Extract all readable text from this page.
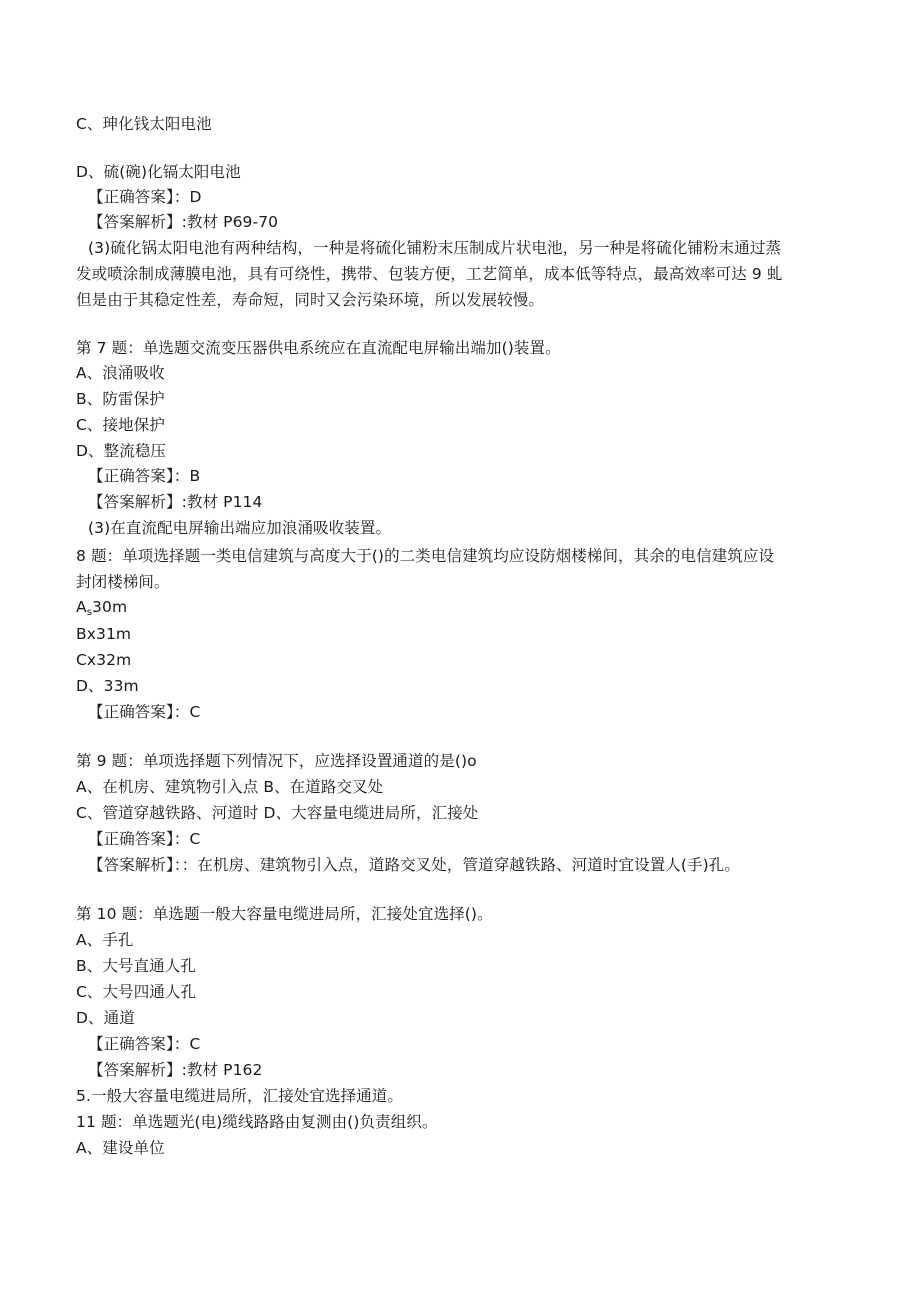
C、珅化钱太阳电池
D、硫(碗)化镉太阳电池
【正确答案】：D
【答案解析】:教材 P69-70
(3)硫化锅太阳电池有两种结构，一种是将硫化铺粉末压制成片状电池，另一种是将硫化铺粉末通过蒸
发或喷涂制成薄膜电池，具有可绕性，携带、包装方便，工艺简单，成本低等特点，最高效率可达 9 虬
但是由于其稳定性差，寿命短，同时又会污染环境，所以发展较慢。
第 7 题：单选题交流变压器供电系统应在直流配电屏输出端加()装置。
A、浪涌吸收
B、防雷保护
C、接地保护
D、整流稳压
【正确答案】：B
【答案解析】:教材 P114
(3)在直流配电屏输出端应加浪涌吸收装置。
8 题：单项选择题一类电信建筑与高度大于()的二类电信建筑均应设防烟楼梯间，其余的电信建筑应设
封闭楼梯间。
$A_s30m$
Bx31m
Cx32m
D、33m
【正确答案】：C
第 9 题：单项选择题下列情况下，应选择设置通道的是()o
A、在机房、建筑物引入点 B、在道路交叉处
C、管道穿越铁路、河道时 D、大容量电缆进局所，汇接处
【正确答案】：C
【答案解析】：：在机房、建筑物引入点，道路交叉处，管道穿越铁路、河道时宜设置人(手)孔。
第 10 题：单选题一般大容量电缆进局所，汇接处宜选择()。
A、手孔
B、大号直通人孔
C、大号四通人孔
D、通道
【正确答案】：C
【答案解析】:教材 P162
5.一般大容量电缆进局所，汇接处宜选择通道。
11 题：单选题光(电)缆线路路由复测由()负责组织。
A、建设单位
